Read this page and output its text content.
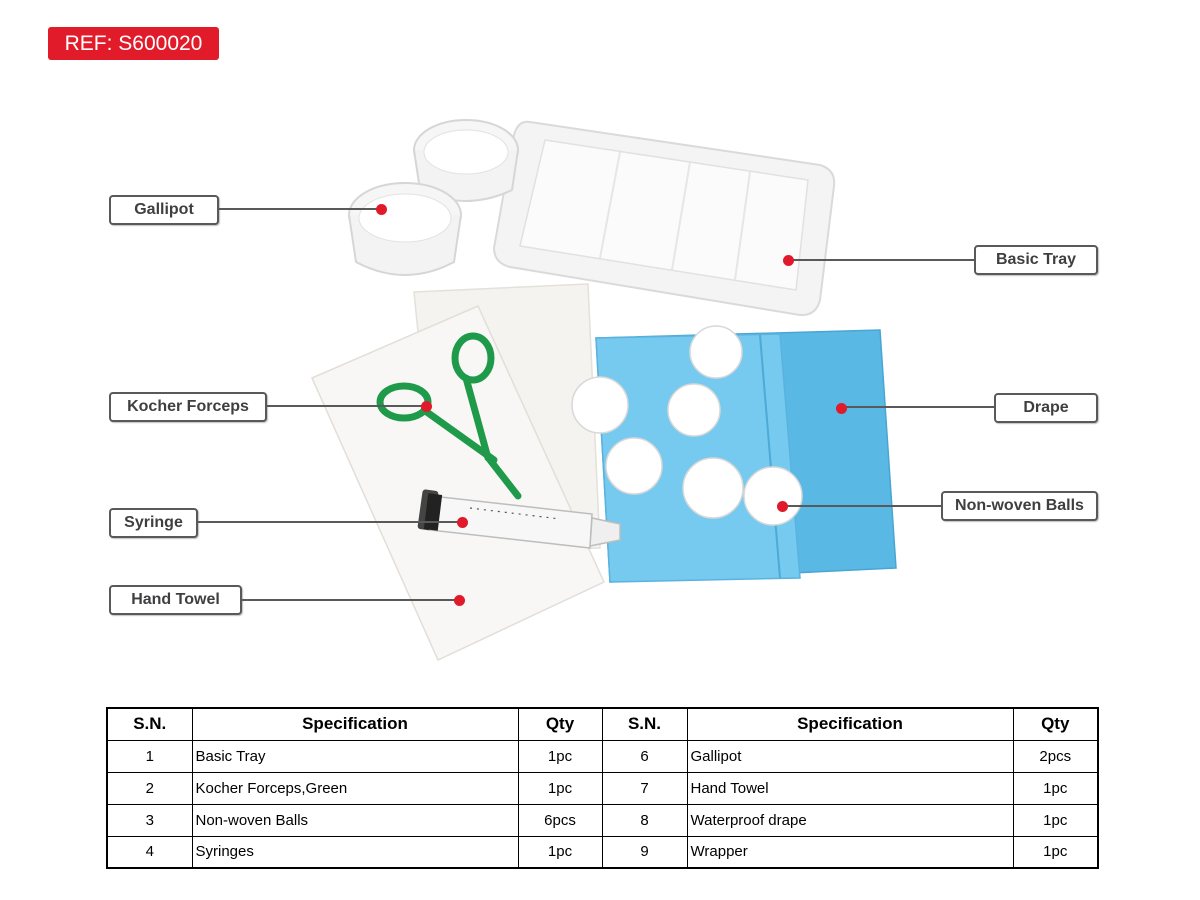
REF: S600020
Gallipot
Basic Tray
Kocher Forceps	Drape
Syringe
Non-woven Balls
Hand Towel
S.N.	Specification	Qty	S.N.	Specification	Qty
1	Basic Tray	1pc	6	Gallipot	2pcs
2	Kocher Forceps,Green	1pc	7	Hand Towel	1pc
3	Non-woven Balls	6pcs	8	Waterproof drape	1pc
4	Syringes	1pc	9	Wrapper	1pc
